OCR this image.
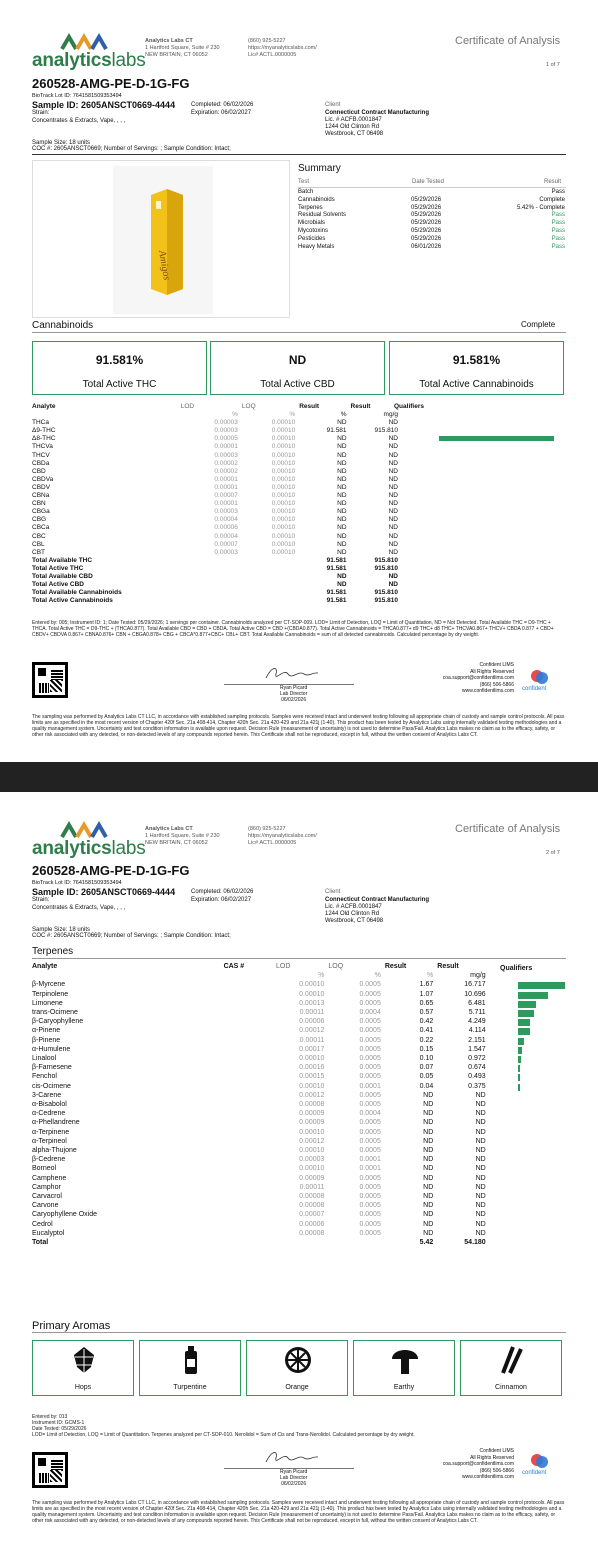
analyticslabs
Analytics Labs CT
1 Hartford Square, Suite # 230
NEW BRITAIN, CT 06052
(860) 925-5227
https://myanalyticslabs.com/
Lic# ACTL.0000005
Certificate of Analysis
1 of 7
260528-AMG-PE-D-1G-FG
BioTrack Lot ID: 7641581509353494
Sample ID: 2605ANSCT0669-4444	Completed: 06/02/2026
Expiration: 06/02/2027
Strain:
Concentrates & Extracts, Vape, , , ,
Client
Connecticut Contract Manufacturing
Lic. # ACFB.0001847
1244 Old Clinton Rd
Westbrook, CT 06498
Sample Size: 18 units
COC #: 2605ANSCT0669; Number of Servings: ; Sample Condition: Intact;
Amigos
Summary
Test	Date Tested	Result
Batch		Pass
Cannabinoids	05/29/2026	Complete
Terpenes	05/29/2026	5.42% - Complete
Residual Solvents	05/29/2026	Pass
Microbials	05/29/2026	Pass
Mycotoxins	05/29/2026	Pass
Pesticides	05/29/2026	Pass
Heavy Metals	06/01/2026	Pass
Cannabinoids	Complete
91.581%
Total Active THC
ND
Total Active CBD
91.581%
Total Active Cannabinoids
Analyte	LOD	LOQ	Result	Result
	%	%	%	mg/g
THCa	0.00003	0.00010	ND	ND
Δ9-THC	0.00003	0.00010	91.581	915.810
Δ8-THC	0.00005	0.00010	ND	ND
THCVa	0.00001	0.00010	ND	ND
THCV	0.00003	0.00010	ND	ND
CBDa	0.00002	0.00010	ND	ND
CBD	0.00002	0.00010	ND	ND
CBDVa	0.00001	0.00010	ND	ND
CBDV	0.00001	0.00010	ND	ND
CBNa	0.00007	0.00010	ND	ND
CBN	0.00001	0.00010	ND	ND
CBGa	0.00003	0.00010	ND	ND
CBG	0.00004	0.00010	ND	ND
CBCa	0.00006	0.00010	ND	ND
CBC	0.00004	0.00010	ND	ND
CBL	0.00007	0.00010	ND	ND
CBT	0.00003	0.00010	ND	ND
Total Available THC			91.581	915.810
Total Active THC			91.581	915.810
Total Available CBD			ND	ND
Total Active CBD			ND	ND
Total Available Cannabinoids			91.581	915.810
Total Active Cannabinoids			91.581	915.810
Qualifiers
Entered by: 005; Instrument ID: 1; Date Tested: 05/29/2026; 1 servings per container. Cannabinoids analyzed per CT-SOP-009. LOD= Limit of Detection, LOQ = Limit of Quantitation, ND = Not Detected. Total Available THC = D9-THC + THCA. Total Active THC = D9-THC + (THCA0.877). Total Available CBD = CBD + CBDA. Total Active CBD = CBD +(CBDA0.877). Total Active Cannabinoids = THCA0.877+ d9 THC+ d8 THC+ THCVA0.867+ THCV+ CBDA 0.877 + CBD+ CBDV+ CBDVA 0.867+ CBNA0.876+ CBN + CBGA0.878+ CBG + CBCA*0.877+CBC+ CBL+ CBT. Total Available Cannabinoids = sum of all detected cannabinoids. Calculated percentage by dry weight.
Ryan Picard
Lab Director
06/02/2026
Confident LIMS
All Rights Reserved
coa.support@confidentlims.com
(866) 506-5866
www.confidentlims.com confident
The sampling was performed by Analytics Labs CT LLC, in accordance with established sampling protocols. Samples were received intact and underwent testing following all appropriate chain of custody and sample control protocols. All pass limits are as specified in the most recent version of Chapter 420f Sec. 21a 408-414, Chapter 420h Sec. 21a 420-429 and 21a 421j (1-40). This product has been tested by Analytics Labs using internally validated testing methodologies and a quality management system. Uncertainty and test condition information is available upon request. Decision Rule (measurement of uncertainty) is not used to determine Pass/Fail. Analytics Labs makes no claim as to the efficacy, safety, or other risk associated with any detected, or non-detected levels of any compounds reported herein. This Certificate shall not be reproduced, except in full, without the written consent of Analytics Labs CT.
analyticslabs
Analytics Labs CT
1 Hartford Square, Suite # 230
NEW BRITAIN, CT 06052
(860) 925-5227
https://myanalyticslabs.com/
Lic# ACTL.0000005
Certificate of Analysis
2 of 7
260528-AMG-PE-D-1G-FG
BioTrack Lot ID: 7641581509353494
Sample ID: 2605ANSCT0669-4444	Completed: 06/02/2026
Expiration: 06/02/2027
Strain:
Concentrates & Extracts, Vape, , , ,
Client
Connecticut Contract Manufacturing
Lic. # ACFB.0001847
1244 Old Clinton Rd
Westbrook, CT 06498
Sample Size: 18 units
COC #: 2605ANSCT0669; Number of Servings: ; Sample Condition: Intact;
Terpenes
Analyte	CAS #	LOD	LOQ	Result	Result	
		%	%	%	mg/g	
β-Myrcene		0.00010	0.0005	1.67	16.717	
Terpinolene		0.00010	0.0005	1.07	10.696	
Limonene		0.00013	0.0005	0.65	6.481	
trans-Ocimene		0.00011	0.0004	0.57	5.711	
β-Caryophyllene		0.00006	0.0005	0.42	4.249	
α-Pinene		0.00012	0.0005	0.41	4.114	
β-Pinene		0.00011	0.0005	0.22	2.151	
α-Humulene		0.00017	0.0005	0.15	1.547	
Linalool		0.00010	0.0005	0.10	0.972	
β-Farnesene		0.00016	0.0005	0.07	0.674	
Fenchol		0.00015	0.0005	0.05	0.493	
cis-Ocimene		0.00010	0.0001	0.04	0.375	
3-Carene		0.00012	0.0005	ND	ND	
α-Bisabolol		0.00008	0.0005	ND	ND	
α-Cedrene		0.00009	0.0004	ND	ND	
α-Phellandrene		0.00009	0.0005	ND	ND	
α-Terpinene		0.00010	0.0005	ND	ND	
α-Terpineol		0.00012	0.0005	ND	ND	
alpha-Thujone		0.00010	0.0005	ND	ND	
β-Cedrene		0.00003	0.0001	ND	ND	
Borneol		0.00010	0.0001	ND	ND	
Camphene		0.00009	0.0005	ND	ND	
Camphor		0.00011	0.0005	ND	ND	
Carvacrol		0.00008	0.0005	ND	ND	
Carvone		0.00008	0.0005	ND	ND	
Caryophyllene Oxide		0.00007	0.0005	ND	ND	
Cedrol		0.00006	0.0005	ND	ND	
Eucalyptol		0.00008	0.0005	ND	ND	
Total				5.42	54.180	
Qualifiers
Primary Aromas
Hops	Turpentine	Orange	Earthy	Cinnamon
Entered by: 013
Instrument ID: GCMS-1
Date Tested: 05/29/2026
LOD= Limit of Detection, LOQ = Limit of Quantitation. Terpenes analyzed per CT-SOP-010. Nerolidol = Sum of Cis and Trans-Nerolidol. Calculated percentage by dry weight.
Ryan Picard
Lab Director
06/02/2026
Confident LIMS
All Rights Reserved
coa.support@confidentlims.com
(866) 506-5866
www.confidentlims.com
confident
The sampling was performed by Analytics Labs CT LLC, in accordance with established sampling protocols. Samples were received intact and underwent testing following all appropriate chain of custody and sample control protocols. All pass limits are as specified in the most recent version of Chapter 420f Sec. 21a 408-414, Chapter 420h Sec. 21a 420-429 and 21a 421j (1-40). This product has been tested by Analytics Labs using internally validated testing methodologies and a quality management system. Uncertainty and test condition information is available upon request. Decision Rule (measurement of uncertainty) is not used to determine Pass/Fail. Analytics Labs makes no claim as to the efficacy, safety, or other risk associated with any detected, or non-detected levels of any compounds reported herein. This Certificate shall not be reproduced, except in full, without the written consent of Analytics Labs CT.
